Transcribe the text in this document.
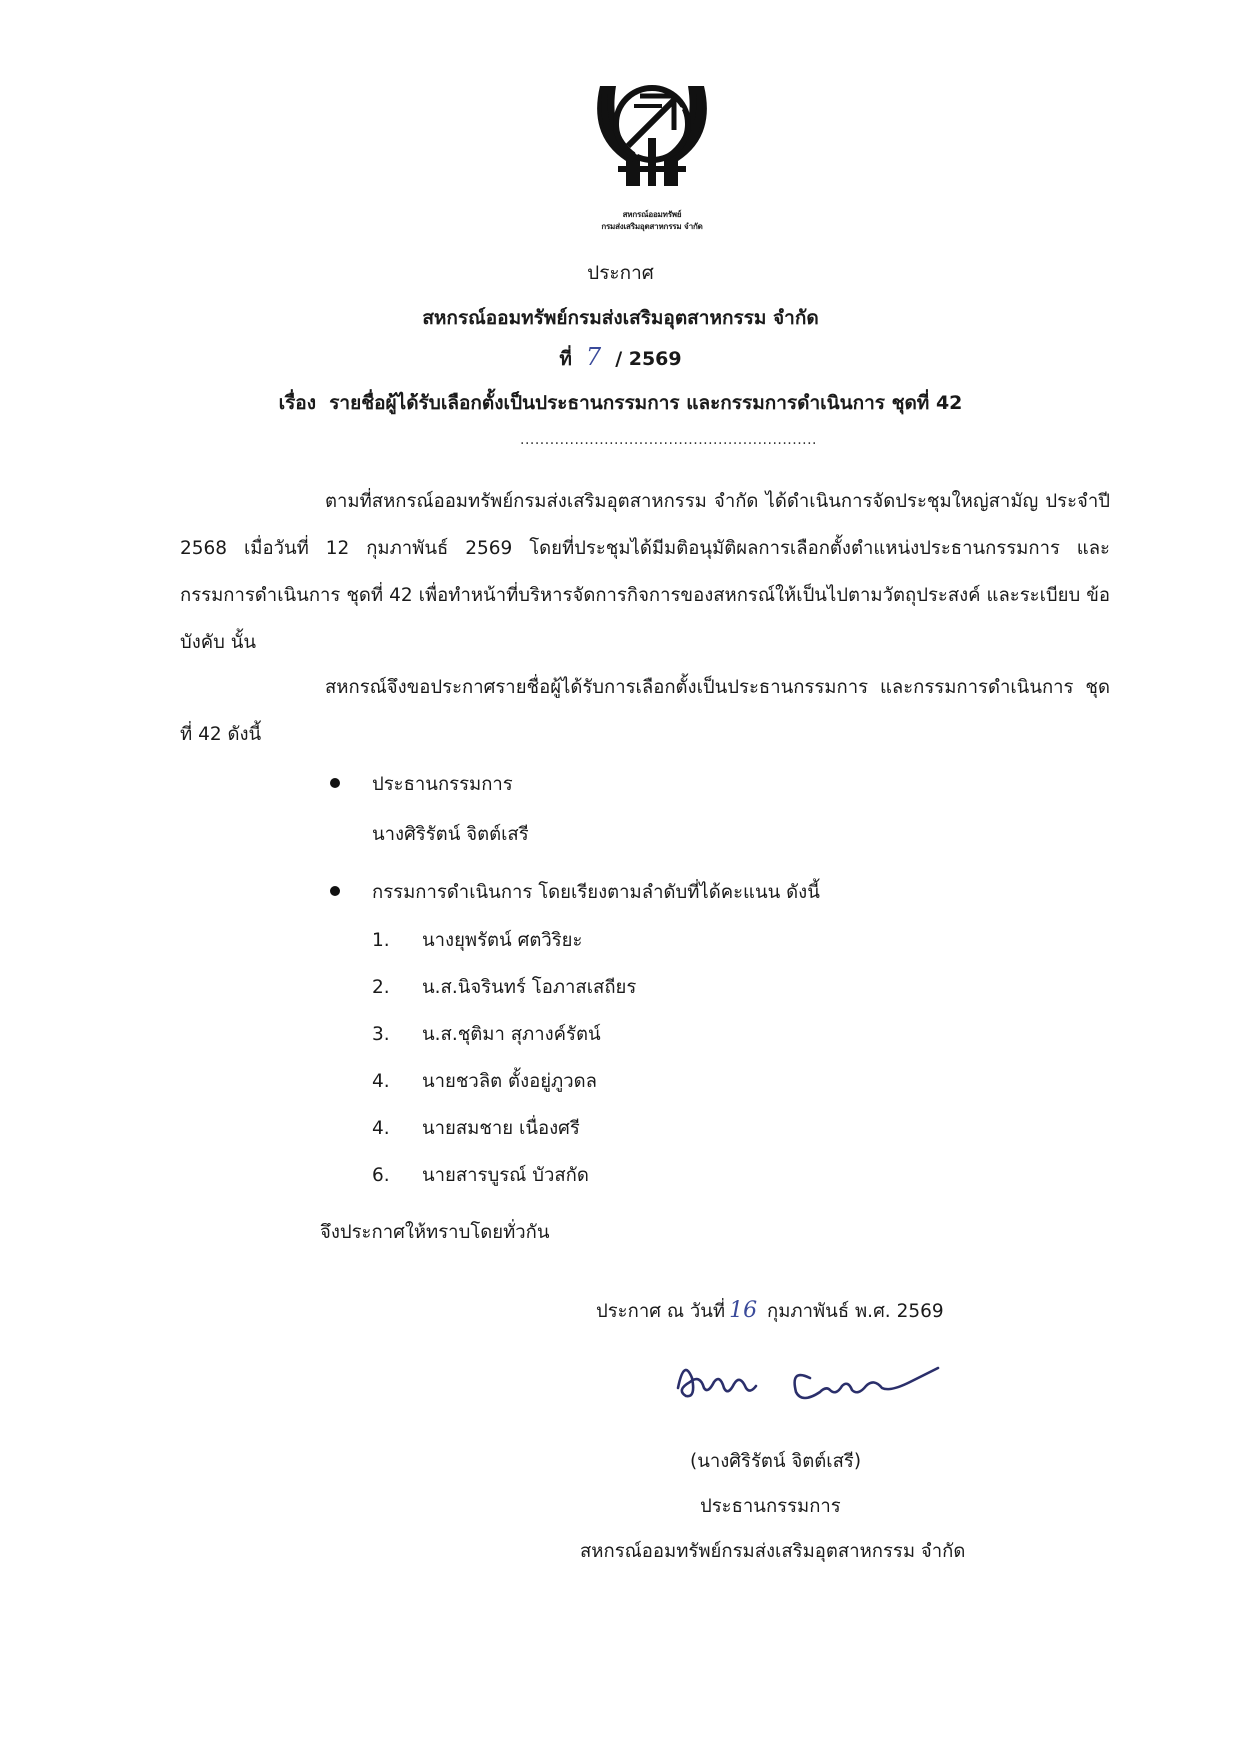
สหกรณ์ออมทรัพย์
กรมส่งเสริมอุตสาหกรรม จำกัด
ประกาศ
สหกรณ์ออมทรัพย์กรมส่งเสริมอุตสาหกรรม จำกัด
ที่ 7 / 2569
เรื่อง รายชื่อผู้ได้รับเลือกตั้งเป็นประธานกรรมการ และกรรมการดำเนินการ ชุดที่ 42
............................................................
ตามที่สหกรณ์ออมทรัพย์กรมส่งเสริมอุตสาหกรรม จำกัด ได้ดำเนินการจัดประชุมใหญ่สามัญ ประจำปี 2568 เมื่อวันที่ 12 กุมภาพันธ์ 2569 โดยที่ประชุมได้มีมติอนุมัติผลการเลือกตั้งตำแหน่งประธานกรรมการ และกรรมการดำเนินการ ชุดที่ 42 เพื่อทำหน้าที่บริหารจัดการกิจการของสหกรณ์ให้เป็นไปตามวัตถุประสงค์ และระเบียบ ข้อบังคับ นั้น
สหกรณ์จึงขอประกาศรายชื่อผู้ได้รับการเลือกตั้งเป็นประธานกรรมการ และกรรมการดำเนินการ ชุดที่ 42 ดังนี้
ประธานกรรมการ
นางศิริรัตน์ จิตต์เสรี
กรรมการดำเนินการ โดยเรียงตามลำดับที่ได้คะแนน ดังนี้
1. นางยุพรัตน์ ศตวิริยะ
2. น.ส.นิจรินทร์ โอภาสเสถียร
3. น.ส.ชุติมา สุภางค์รัตน์
4. นายชวลิต ตั้งอยู่ภูวดล
4. นายสมชาย เนื่องศรี
6. นายสารบูรณ์ บัวสกัด
จึงประกาศให้ทราบโดยทั่วกัน
ประกาศ ณ วันที่ 16 กุมภาพันธ์ พ.ศ. 2569
(นางศิริรัตน์ จิตต์เสรี)
ประธานกรรมการ
สหกรณ์ออมทรัพย์กรมส่งเสริมอุตสาหกรรม จำกัด
